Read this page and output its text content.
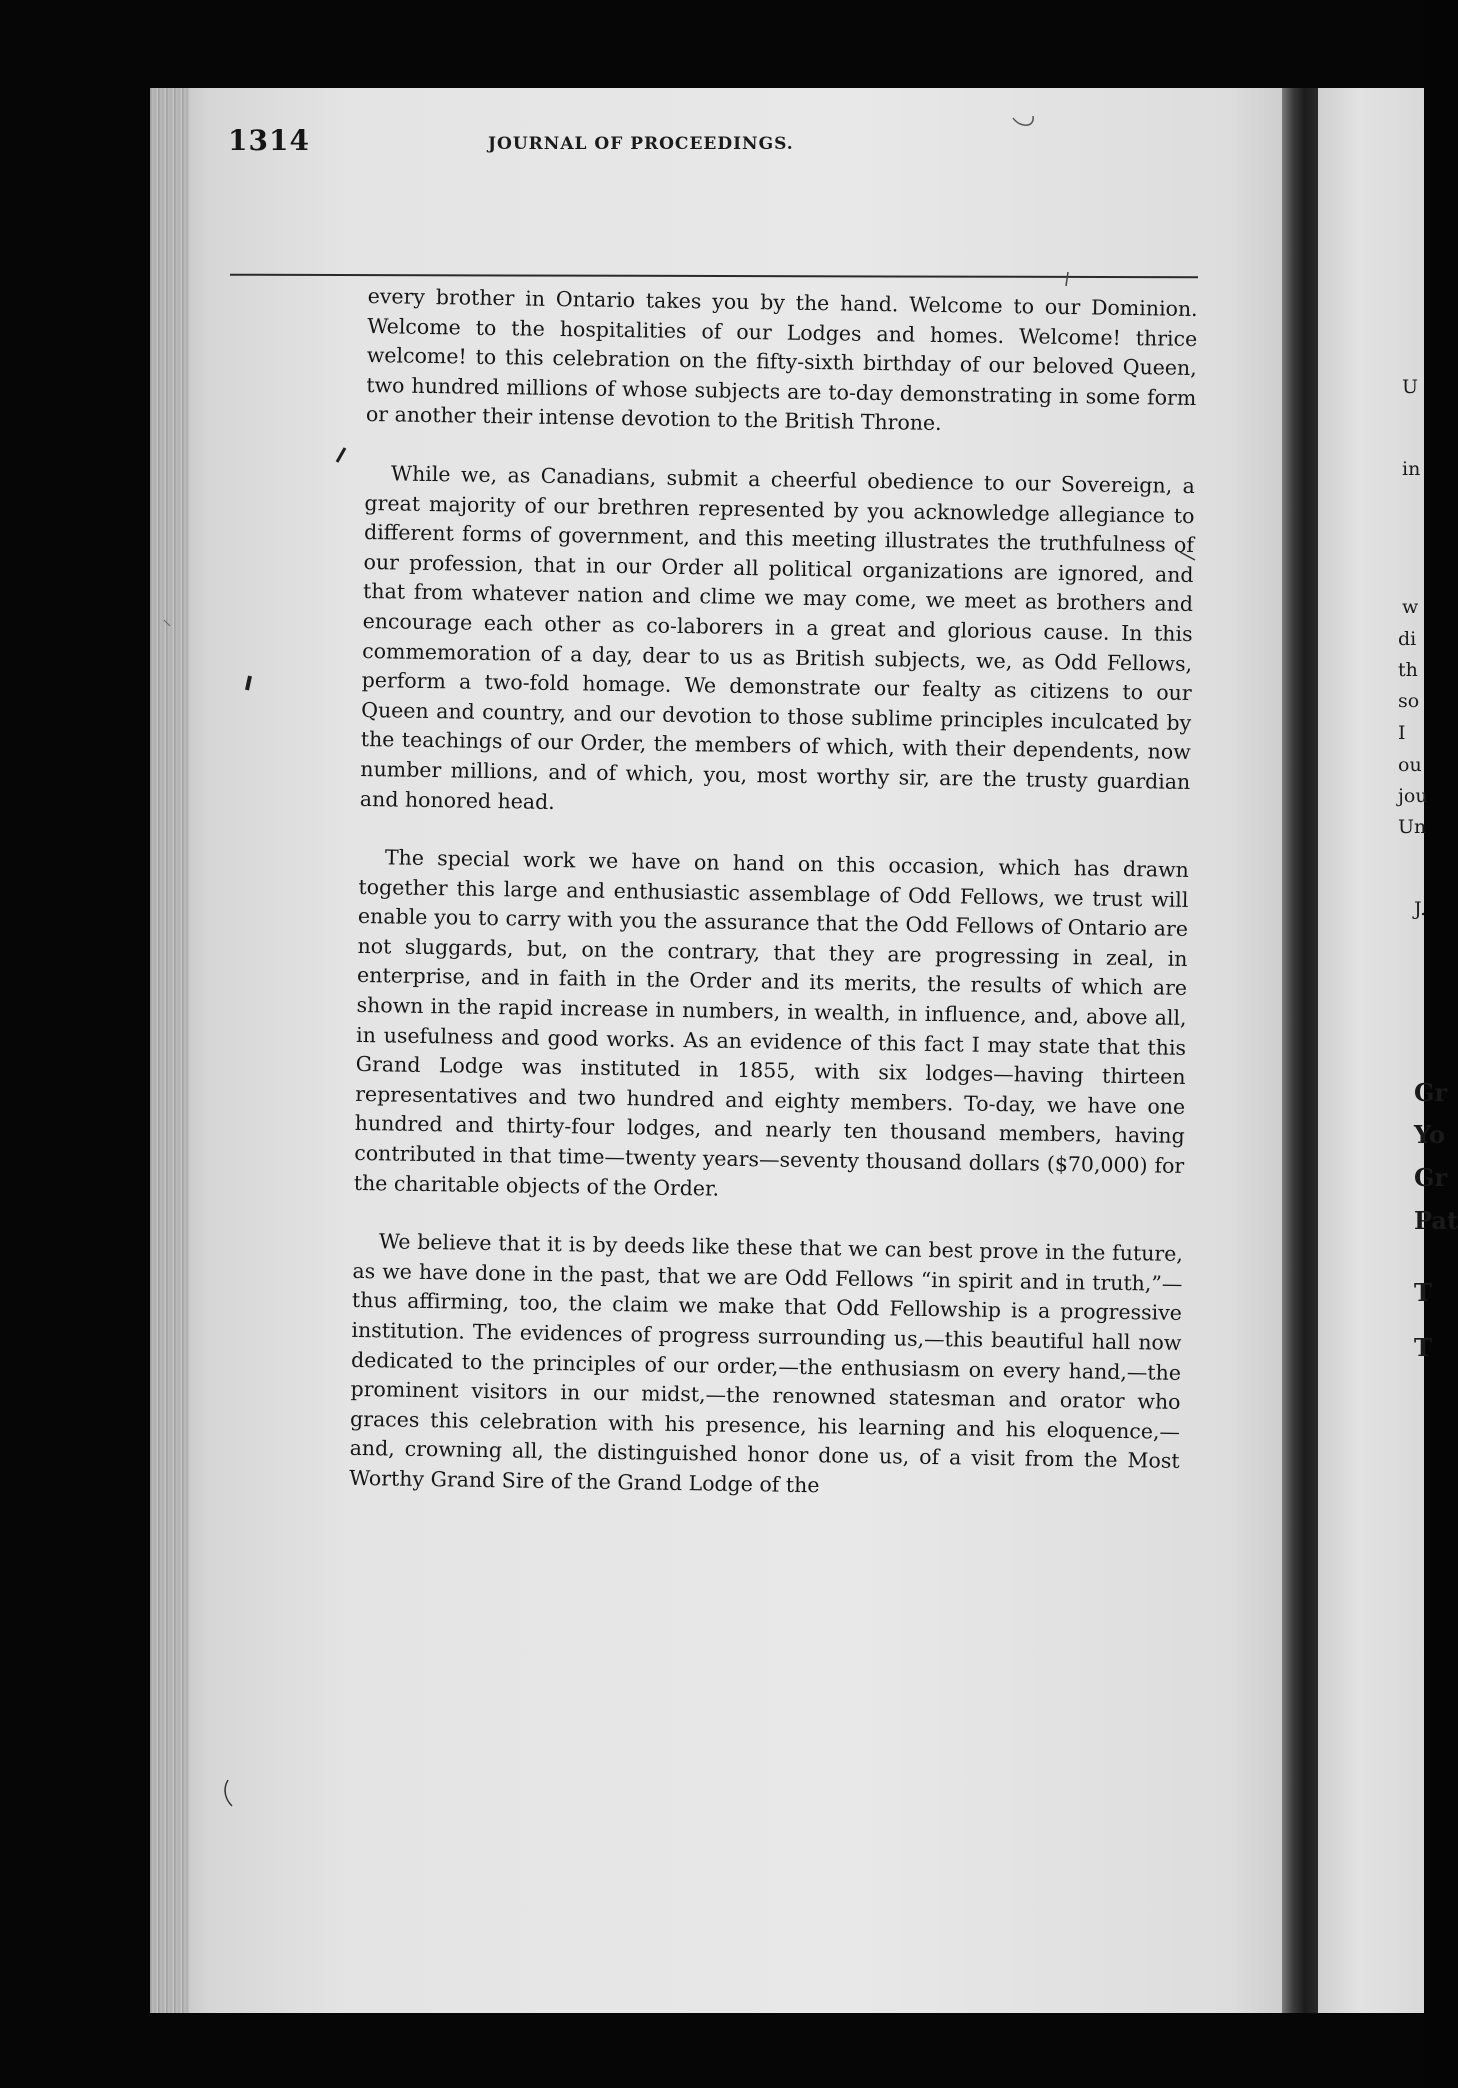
U
in
w
di
th
so
I
ou
jou
Un
J.
Gr
Yo
Gr
Pat
T
T
1314	JOURNAL OF PROCEEDINGS.

every brother in Ontario takes you by the hand. Welcome to our Dominion. Welcome to the hospitalities of our Lodges and homes. Welcome! thrice welcome! to this celebration on the fifty-sixth birthday of our beloved Queen, two hundred millions of whose subjects are to-day demonstrating in some form or another their intense devotion to the British Throne.

While we, as Canadians, submit a cheerful obedience to our Sovereign, a great majority of our brethren represented by you acknowledge allegiance to different forms of government, and this meeting illustrates the truthfulness of our profession, that in our Order all political organizations are ignored, and that from whatever nation and clime we may come, we meet as brothers and encourage each other as co-laborers in a great and glorious cause. In this commemoration of a day, dear to us as British subjects, we, as Odd Fellows, perform a two-fold homage. We demonstrate our fealty as citizens to our Queen and country, and our devotion to those sublime principles inculcated by the teachings of our Order, the members of which, with their dependents, now number millions, and of which, you, most worthy sir, are the trusty guardian and honored head.

The special work we have on hand on this occasion, which has drawn together this large and enthusiastic assemblage of Odd Fellows, we trust will enable you to carry with you the assurance that the Odd Fellows of Ontario are not sluggards, but, on the contrary, that they are progressing in zeal, in enterprise, and in faith in the Order and its merits, the results of which are shown in the rapid increase in numbers, in wealth, in influence, and, above all, in usefulness and good works. As an evidence of this fact I may state that this Grand Lodge was instituted in 1855, with six lodges—having thirteen representatives and two hundred and eighty members. To-day, we have one hundred and thirty-four lodges, and nearly ten thousand members, having contributed in that time—twenty years—seventy thousand dollars ($70,000) for the charitable objects of the Order.

We believe that it is by deeds like these that we can best prove in the future, as we have done in the past, that we are Odd Fellows “in spirit and in truth,”—thus affirming, too, the claim we make that Odd Fellowship is a progressive institution. The evidences of progress surrounding us,—this beautiful hall now dedicated to the principles of our order,—the enthusiasm on every hand,—the prominent visitors in our midst,—the renowned statesman and orator who graces this celebration with his presence, his learning and his eloquence,—and, crowning all, the distinguished honor done us, of a visit from the Most Worthy Grand Sire of the Grand Lodge of the
